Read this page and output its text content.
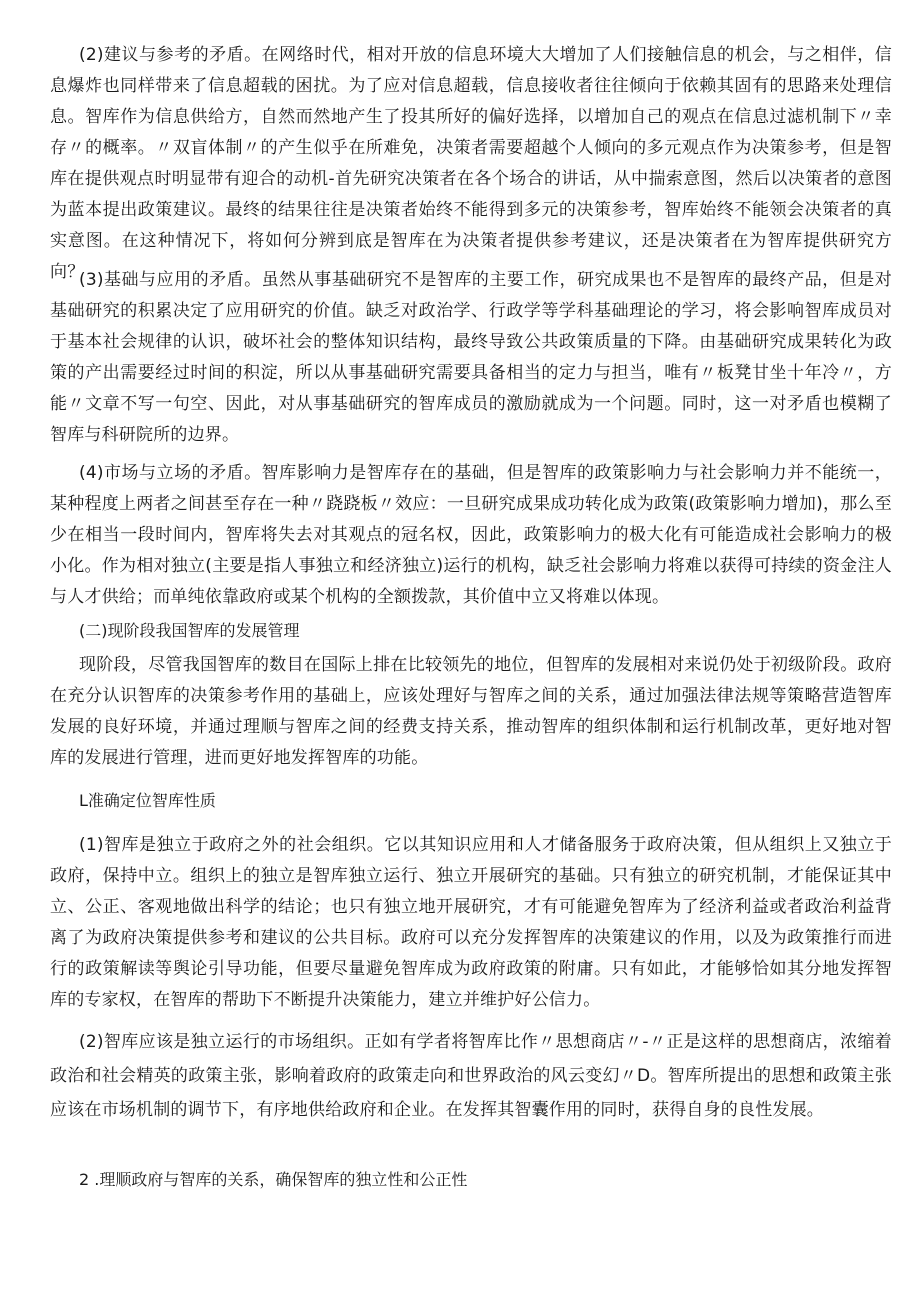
(2)建议与参考的矛盾。在网络时代，相对开放的信息环境大大增加了人们接触信息的机会，与之相伴，信息爆炸也同样带来了信息超载的困扰。为了应对信息超载，信息接收者往往倾向于依赖其固有的思路来处理信息。智库作为信息供给方，自然而然地产生了投其所好的偏好选择，以增加自己的观点在信息过滤机制下〃幸存〃的概率。〃双盲体制〃的产生似乎在所难免，决策者需要超越个人倾向的多元观点作为决策参考，但是智库在提供观点时明显带有迎合的动机-首先研究决策者在各个场合的讲话，从中揣索意图，然后以决策者的意图为蓝本提出政策建议。最终的结果往往是决策者始终不能得到多元的决策参考，智库始终不能领会决策者的真实意图。在这种情况下，将如何分辨到底是智库在为决策者提供参考建议，还是决策者在为智库提供研究方向？

(3)基础与应用的矛盾。虽然从事基础研究不是智库的主要工作，研究成果也不是智库的最终产品，但是对基础研究的积累决定了应用研究的价值。缺乏对政治学、行政学等学科基础理论的学习，将会影响智库成员对于基本社会规律的认识，破坏社会的整体知识结构，最终导致公共政策质量的下降。由基础研究成果转化为政策的产出需要经过时间的积淀，所以从事基础研究需要具备相当的定力与担当，唯有〃板凳甘坐十年冷〃，方能〃文章不写一句空、因此，对从事基础研究的智库成员的激励就成为一个问题。同时，这一对矛盾也模糊了智库与科研院所的边界。

(4)市场与立场的矛盾。智库影响力是智库存在的基础，但是智库的政策影响力与社会影响力并不能统一，某种程度上两者之间甚至存在一种〃跷跷板〃效应：一旦研究成果成功转化成为政策(政策影响力增加)，那么至少在相当一段时间内，智库将失去对其观点的冠名权，因此，政策影响力的极大化有可能造成社会影响力的极小化。作为相对独立(主要是指人事独立和经济独立)运行的机构，缺乏社会影响力将难以获得可持续的资金注人与人才供给；而单纯依靠政府或某个机构的全额拨款，其价值中立又将难以体现。

(二)现阶段我国智库的发展管理

现阶段，尽管我国智库的数目在国际上排在比较领先的地位，但智库的发展相对来说仍处于初级阶段。政府在充分认识智库的决策参考作用的基础上，应该处理好与智库之间的关系，通过加强法律法规等策略营造智库发展的良好环境，并通过理顺与智库之间的经费支持关系，推动智库的组织体制和运行机制改革，更好地对智库的发展进行管理，进而更好地发挥智库的功能。

L准确定位智库性质

(1)智库是独立于政府之外的社会组织。它以其知识应用和人才储备服务于政府决策，但从组织上又独立于政府，保持中立。组织上的独立是智库独立运行、独立开展研究的基础。只有独立的研究机制，才能保证其中立、公正、客观地做出科学的结论；也只有独立地开展研究，才有可能避免智库为了经济利益或者政治利益背离了为政府决策提供参考和建议的公共目标。政府可以充分发挥智库的决策建议的作用，以及为政策推行而进行的政策解读等舆论引导功能，但要尽量避免智库成为政府政策的附庸。只有如此，才能够恰如其分地发挥智库的专家权，在智库的帮助下不断提升决策能力，建立并维护好公信力。

(2)智库应该是独立运行的市场组织。正如有学者将智库比作〃思想商店〃-〃正是这样的思想商店，浓缩着政治和社会精英的政策主张，影响着政府的政策走向和世界政治的风云变幻〃D。智库所提出的思想和政策主张应该在市场机制的调节下，有序地供给政府和企业。在发挥其智囊作用的同时，获得自身的良性发展。

2 .理顺政府与智库的关系，确保智库的独立性和公正性
